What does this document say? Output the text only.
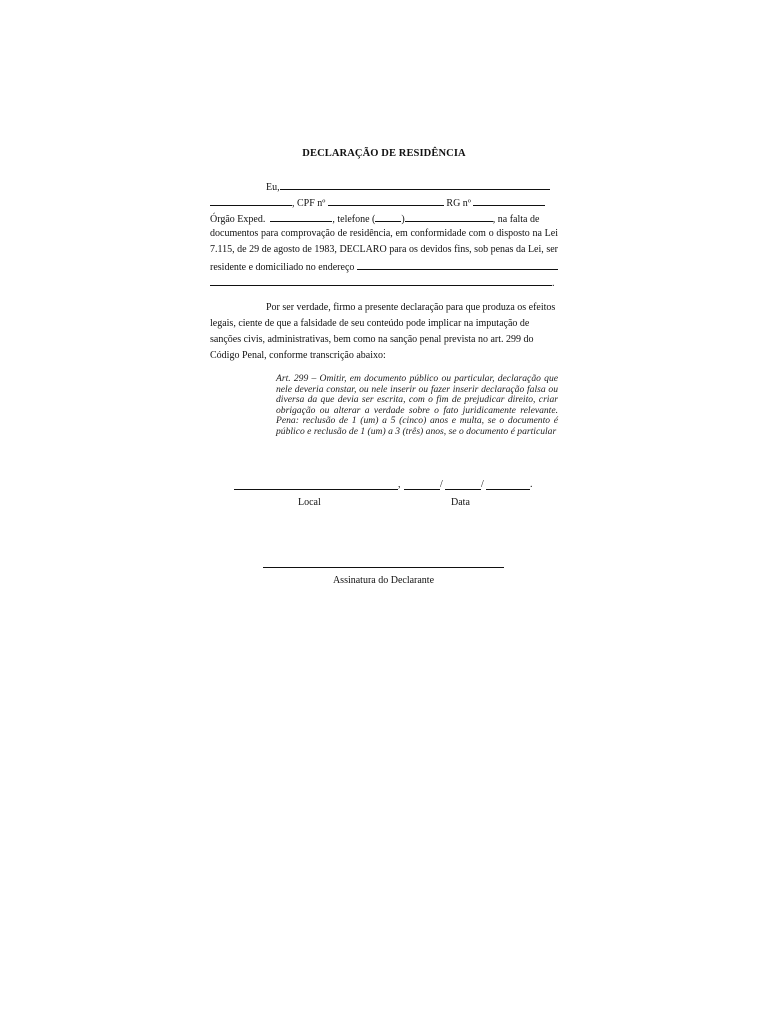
DECLARAÇÃO DE RESIDÊNCIA
Eu,
, CPF nº	RG nº
Órgão Exped.	, telefone (	)	, na falta de
documentos para comprovação de residência, em conformidade com o disposto na Lei
7.115, de 29 de agosto de 1983, DECLARO para os devidos fins, sob penas da Lei, ser
residente e domiciliado no endereço
.
Por ser verdade, firmo a presente declaração para que produza os efeitos legais, ciente de que a falsidade de seu conteúdo pode implicar na imputação de sanções civis, administrativas, bem como na sanção penal prevista no art. 299 do Código Penal, conforme transcrição abaixo:
Art. 299 – Omitir, em documento público ou particular, declaração que nele deveria constar, ou nele inserir ou fazer inserir declaração falsa ou diversa da que devia ser escrita, com o fim de prejudicar direito, criar obrigação ou alterar a verdade sobre o fato juridicamente relevante. Pena: reclusão de 1 (um) a 5 (cinco) anos e multa, se o documento é público e reclusão de 1 (um) a 3 (três) anos, se o documento é particular
,	/	/	.
Local	Data
Assinatura do Declarante
